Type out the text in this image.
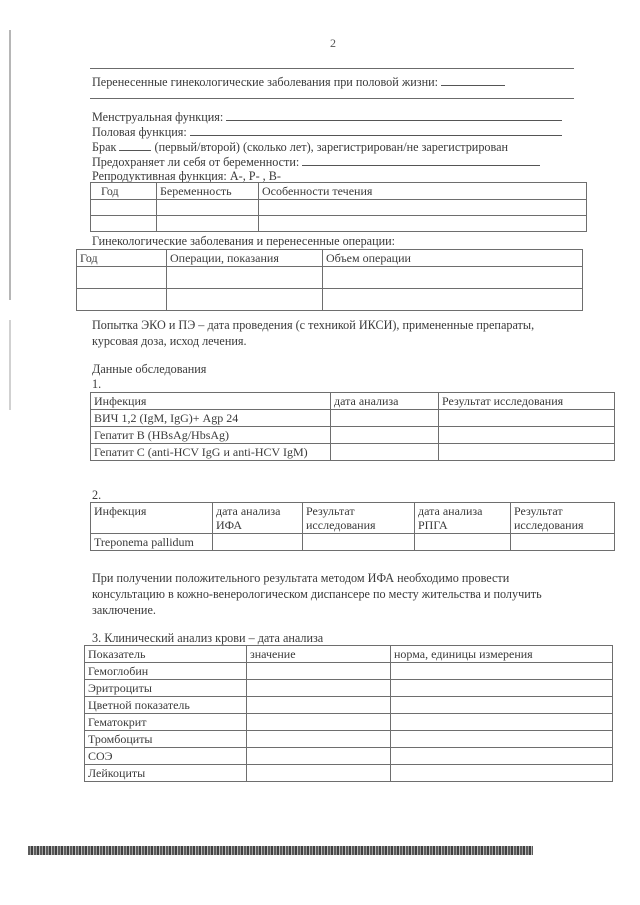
2
Перенесенные гинекологические заболевания при половой жизни:
Менструальная функция:
Половая функция:
Брак	(первый/второй) (сколько лет), зарегистрирован/не зарегистрирован
Предохраняет ли себя от беременности:
Репродуктивная функция: А-, Р- , В-
Год	Беременность	Особенности течения

Гинекологические заболевания и перенесенные операции:
Год	Операции, показания	Объем операции

Попытка ЭКО и ПЭ – дата проведения (с техникой ИКСИ), примененные препараты, курсовая доза, исход лечения.
Данные обследования
1.
Инфекция	дата анализа	Результат исследования
ВИЧ 1,2 (IgM, IgG)+ Agp 24		
Гепатит В (HBsAg/HbsAg)		
Гепатит С (anti-HCV IgG и anti-HCV IgM)		
2.
Инфекция	дата анализа ИФА	Результат исследования	дата анализа РПГА	Результат исследования
Treponema pallidum				
При получении положительного результата методом ИФА необходимо провести консультацию в кожно-венерологическом диспансере по месту жительства и получить заключение.
3. Клинический анализ крови – дата анализа
Показатель	значение	норма, единицы измерения
Гемоглобин		
Эритроциты		
Цветной показатель		
Гематокрит		
Тромбоциты		
СОЭ		
Лейкоциты		
